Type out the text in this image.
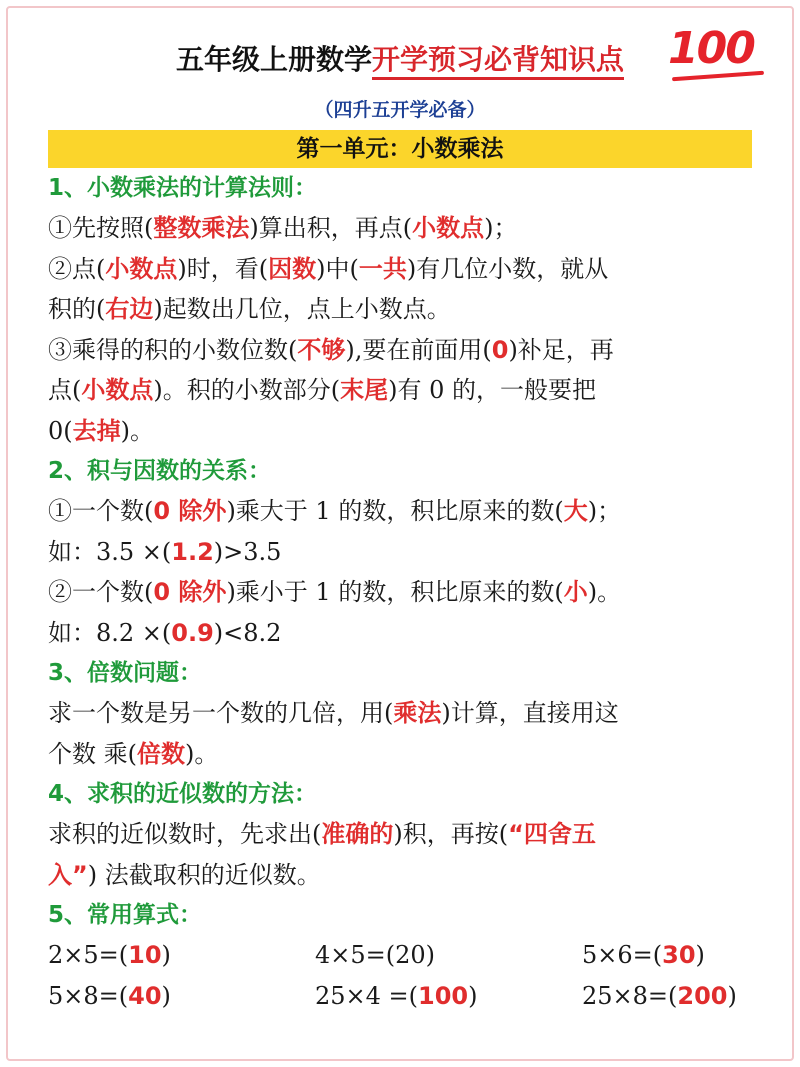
五年级上册数学开学预习必背知识点 100
（四升五开学必备）
第一单元：小数乘法
1、小数乘法的计算法则：
①先按照(整数乘法)算出积，再点(小数点)；
②点(小数点)时，看(因数)中(一共)有几位小数，就从
积的(右边)起数出几位，点上小数点。
③乘得的积的小数位数(不够),要在前面用(0)补足，再
点(小数点)。积的小数部分(末尾)有 0 的，一般要把
0(去掉)。
2、积与因数的关系：
①一个数(0 除外)乘大于 1 的数，积比原来的数(大)；
如：3.5 ×(1.2)>3.5
②一个数(0 除外)乘小于 1 的数，积比原来的数(小)。
如：8.2 ×(0.9)<8.2
3、倍数问题：
求一个数是另一个数的几倍，用(乘法)计算，直接用这
个数 乘(倍数)。
4、求积的近似数的方法：
求积的近似数时，先求出(准确的)积，再按(“四舍五
入”) 法截取积的近似数。
5、常用算式：
2×5=(10)	4×5=(20)	5×6=(30)
5×8=(40)	25×4 =(100)	25×8=(200)
